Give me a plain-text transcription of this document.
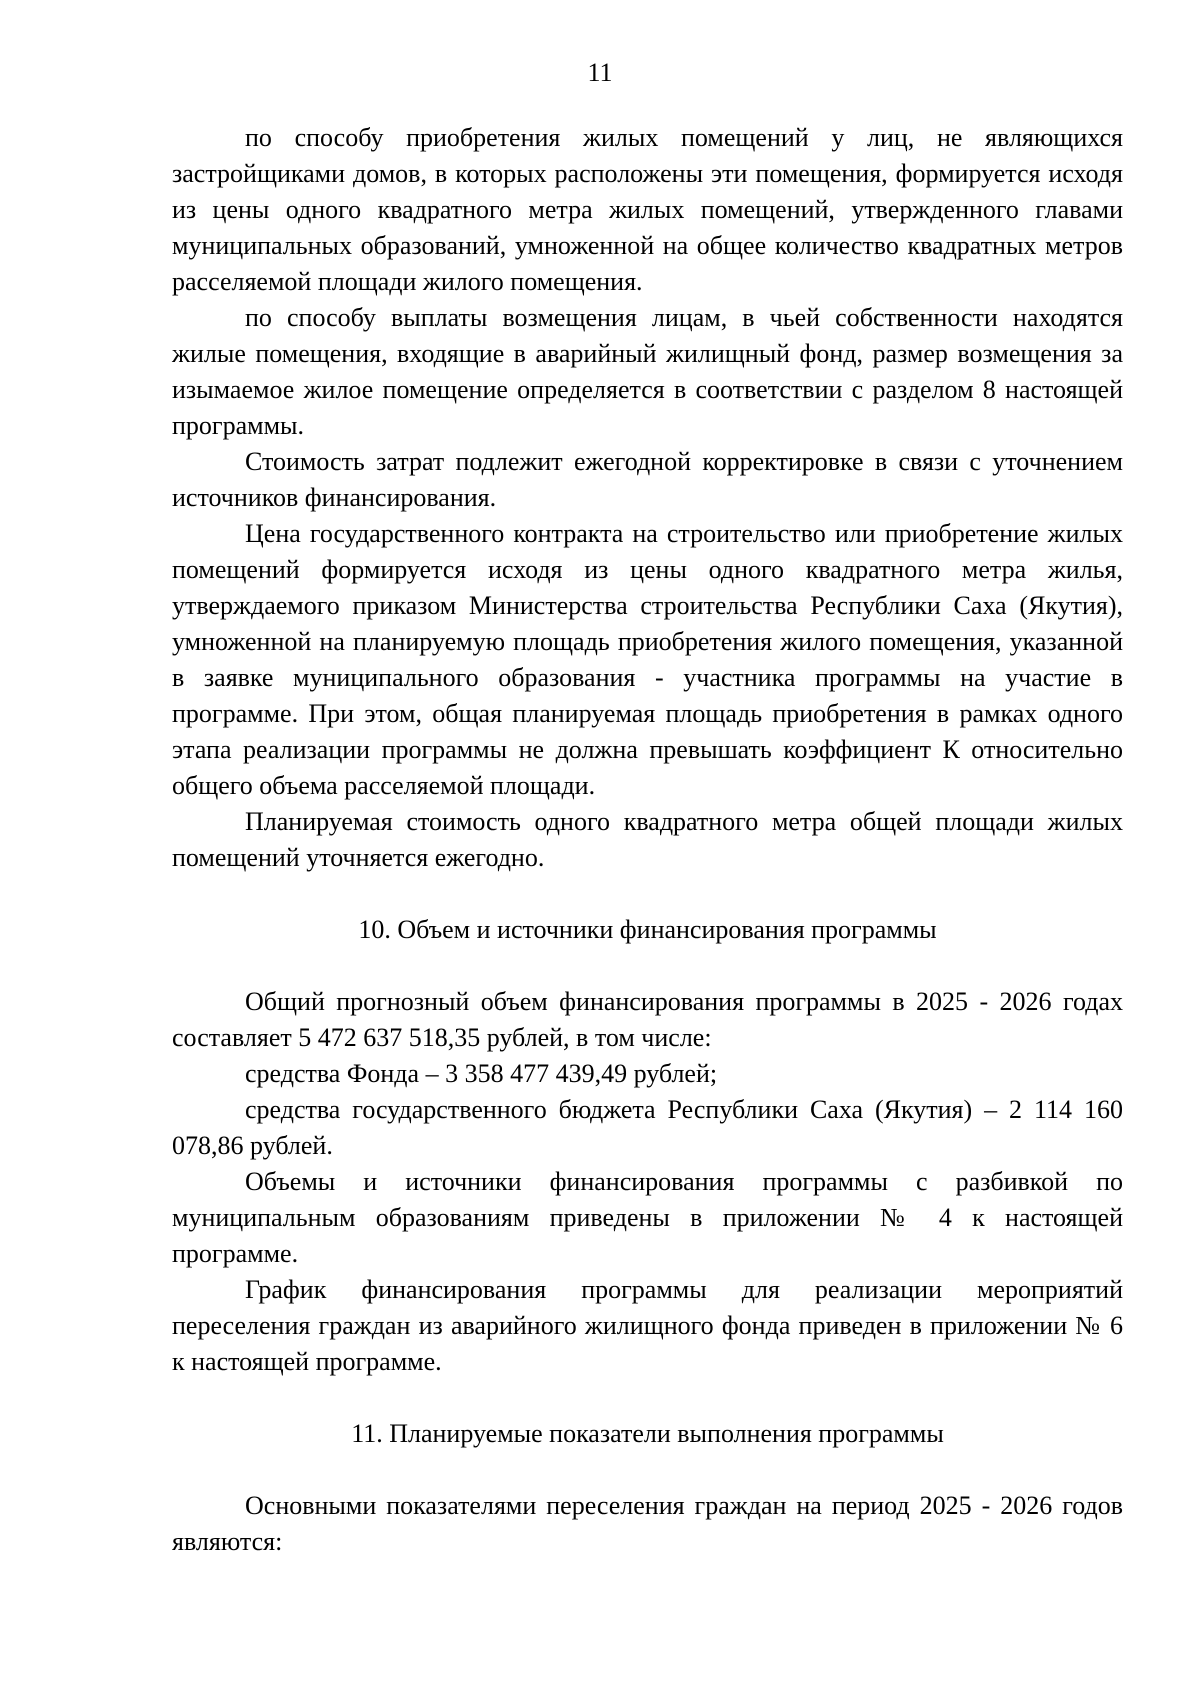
11

по способу приобретения жилых помещений у лиц, не являющихся застройщиками домов, в которых расположены эти помещения, формируется исходя из цены одного квадратного метра жилых помещений, утвержденного главами муниципальных образований, умноженной на общее количество квадратных метров расселяемой площади жилого помещения.

по способу выплаты возмещения лицам, в чьей собственности находятся жилые помещения, входящие в аварийный жилищный фонд, размер возмещения за изымаемое жилое помещение определяется в соответствии с разделом 8 настоящей программы.

Стоимость затрат подлежит ежегодной корректировке в связи с уточнением источников финансирования.

Цена государственного контракта на строительство или приобретение жилых помещений формируется исходя из цены одного квадратного метра жилья, утверждаемого приказом Министерства строительства Республики Саха (Якутия), умноженной на планируемую площадь приобретения жилого помещения, указанной в заявке муниципального образования - участника программы на участие в программе. При этом, общая планируемая площадь приобретения в рамках одного этапа реализации программы не должна превышать коэффициент К относительно общего объема расселяемой площади.

Планируемая стоимость одного квадратного метра общей площади жилых помещений уточняется ежегодно.

10. Объем и источники финансирования программы

Общий прогнозный объем финансирования программы в 2025 - 2026 годах составляет 5 472 637 518,35 рублей, в том числе:

средства Фонда – 3 358 477 439,49 рублей;

средства государственного бюджета Республики Саха (Якутия) – 2 114 160 078,86 рублей.

Объемы и источники финансирования программы с разбивкой по муниципальным образованиям приведены в приложении № 4 к настоящей программе.

График финансирования программы для реализации мероприятий переселения граждан из аварийного жилищного фонда приведен в приложении № 6 к настоящей программе.

11. Планируемые показатели выполнения программы

Основными показателями переселения граждан на период 2025 - 2026 годов являются:
